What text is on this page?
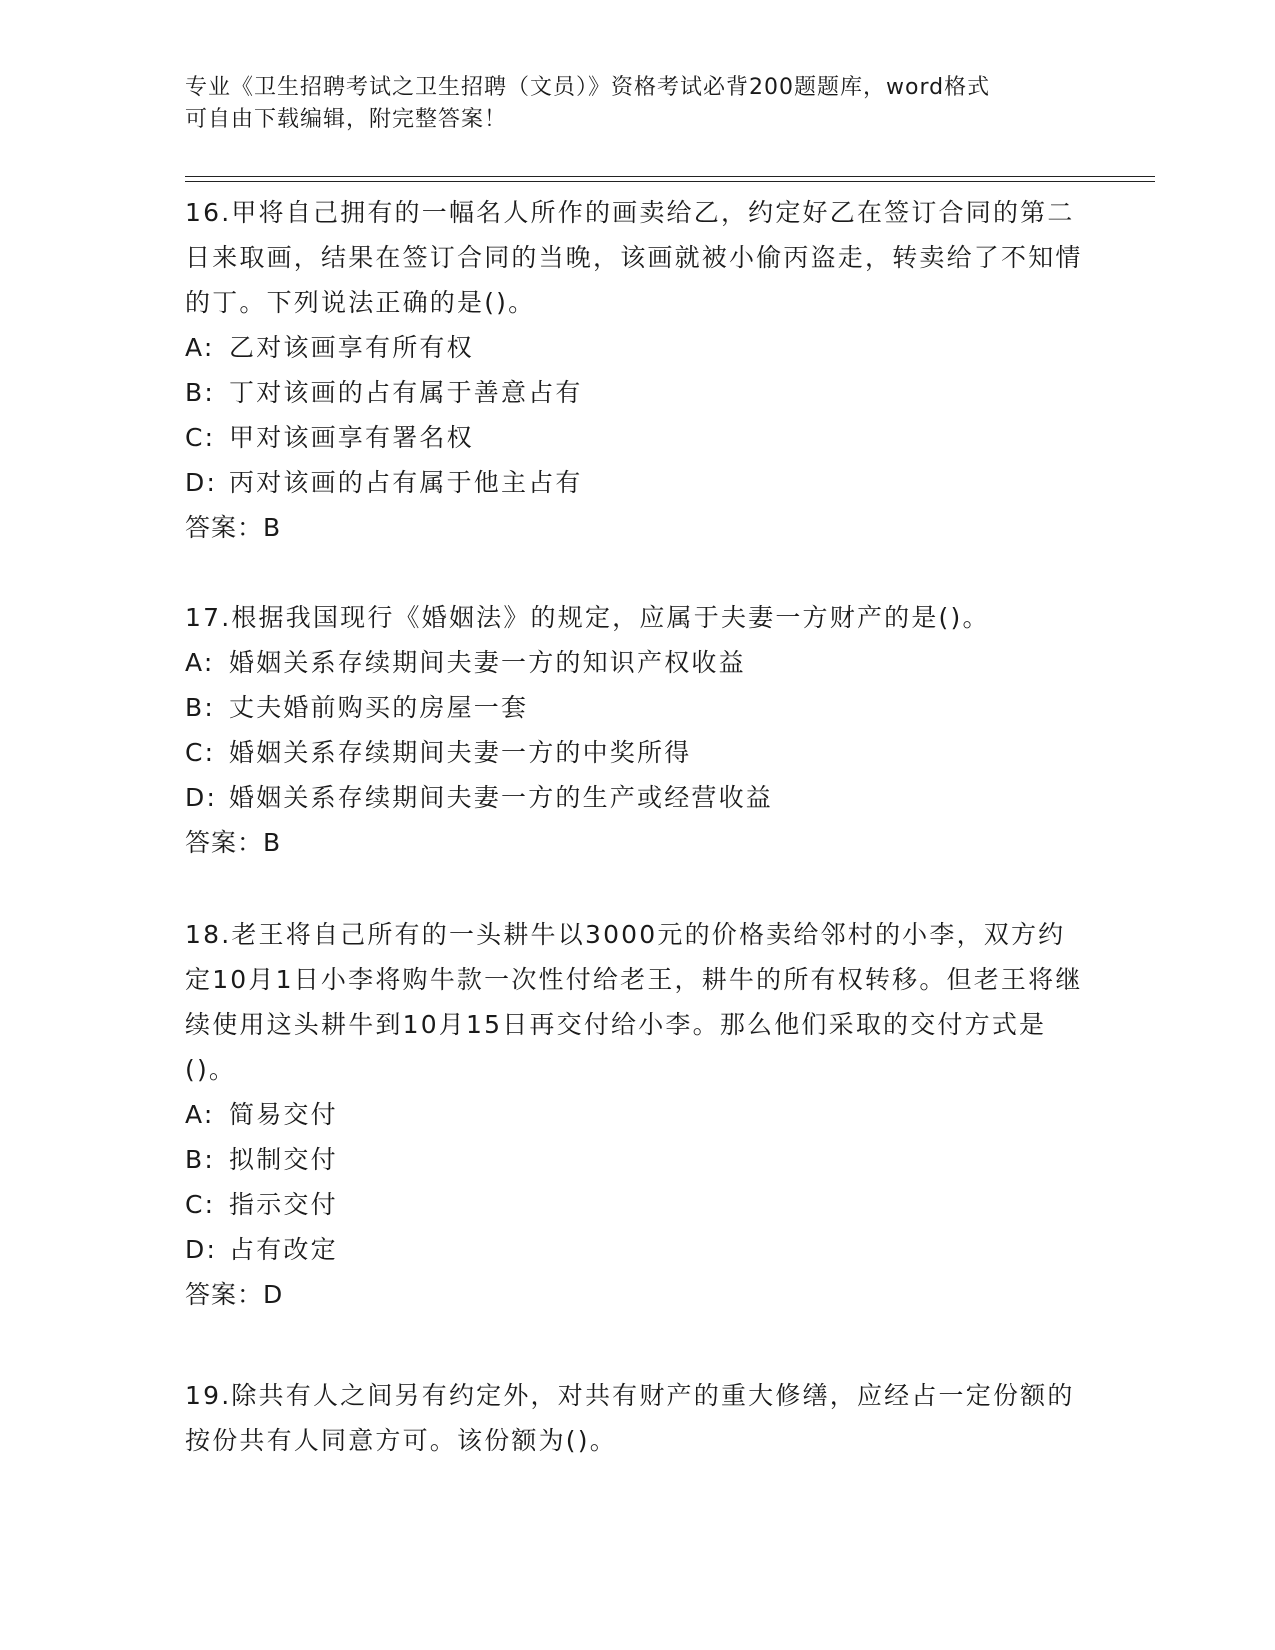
专业《卫生招聘考试之卫生招聘（文员）》资格考试必背200题题库，word格式
可自由下载编辑，附完整答案！

16.甲将自己拥有的一幅名人所作的画卖给乙，约定好乙在签订合同的第二日来取画，结果在签订合同的当晚，该画就被小偷丙盗走，转卖给了不知情的丁。下列说法正确的是()。

A: 乙对该画享有所有权
B: 丁对该画的占有属于善意占有
C: 甲对该画享有署名权
D: 丙对该画的占有属于他主占有

答案：B

17.根据我国现行《婚姻法》的规定，应属于夫妻一方财产的是()。

A: 婚姻关系存续期间夫妻一方的知识产权收益
B: 丈夫婚前购买的房屋一套
C: 婚姻关系存续期间夫妻一方的中奖所得
D: 婚姻关系存续期间夫妻一方的生产或经营收益

答案：B

18.老王将自己所有的一头耕牛以3000元的价格卖给邻村的小李，双方约定10月1日小李将购牛款一次性付给老王，耕牛的所有权转移。但老王将继续使用这头耕牛到10月15日再交付给小李。那么他们采取的交付方式是()。

A: 简易交付
B: 拟制交付
C: 指示交付
D: 占有改定

答案：D

19.除共有人之间另有约定外，对共有财产的重大修缮，应经占一定份额的按份共有人同意方可。该份额为()。
